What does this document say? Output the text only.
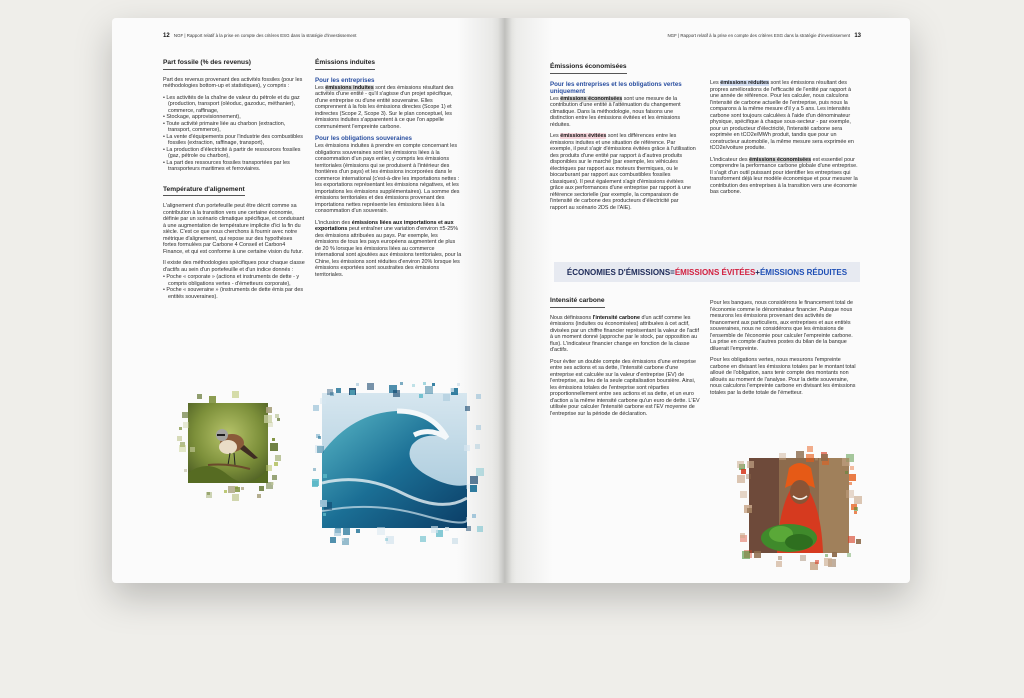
12 NGF | Rapport relatif à la prise en compte des critères ESG dans la stratégie d'investissement
Part fossile (% des revenus)

Part des revenus provenant des activités fossiles (pour les méthodologies bottom-up et statistiques), y compris :

• Les activités de la chaîne de valeur du pétrole et du gaz (production, transport (oléoduc, gazoduc, méthanier), commerce, raffinage,
• Stockage, approvisionnement),
• Toute activité primaire liée au charbon (extraction, transport, commerce),
• La vente d'équipements pour l'industrie des combustibles fossiles (extraction, raffinage, transport),
• La production d'électricité à partir de ressources fossiles (gaz, pétrole ou charbon),
• La part des ressources fossiles transportées par les transporteurs maritimes et ferroviaires.
Température d'alignement

L'alignement d'un portefeuille peut être décrit comme sa contribution à la transition vers une certaine économie, définie par un scénario climatique spécifique, et conduisant à une augmentation de température implicite d'ici la fin du siècle. C'est ce que nous cherchons à fournir avec notre métrique d'alignement, qui repose sur des hypothèses fortes formulées par Carbone 4 Conseil et Carbon4 Finance, et qui est conforme à une certaine vision du futur.

Il existe des méthodologies spécifiques pour chaque classe d'actifs au sein d'un portefeuille et d'un indice donnés :

• Poche « corporate » (actions et instruments de dette - y compris obligations vertes - d'émetteurs corporate),
• Poche « souveraine » (instruments de dette émis par des entités souveraines).
Émissions induites
Pour les entreprises

Les émissions induites sont des émissions résultant des activités d'une entité - qu'il s'agisse d'un projet spécifique, d'une entreprise ou d'une entité souveraine. Elles comprennent à la fois les émissions directes (Scope 1) et indirectes (Scope 2, Scope 3). Sur le plan conceptuel, les émissions induites s'apparentent à ce que l'on appelle communément l'empreinte carbone.

Pour les obligations souveraines

Les émissions induites à prendre en compte concernant les obligations souveraines sont les émissions liées à la consommation d'un pays entier, y compris les émissions territoriales (émissions qui se produisent à l'intérieur des frontières d'un pays) et les émissions incorporées dans le commerce international (c'est-à-dire les importations nettes : les exportations représentant les émissions négatives, et les importations les émissions supplémentaires). La somme des émissions territoriales et des émissions provenant des importations nettes représente les émissions liées à la consommation d'un souverain.

L'inclusion des émissions liées aux importations et aux exportations peut entraîner une variation d'environ ±5-25% des émissions attribuées au pays. Par exemple, les émissions de tous les pays européens augmentent de plus de 20 % lorsque les émissions liées au commerce international sont ajoutées aux émissions territoriales, pour la Chine, les émissions sont réduites d'environ 20% lorsque les émissions exportées sont soustraites des émissions territoriales.

NGF | Rapport relatif à la prise en compte des critères ESG dans la stratégie d'investissement 13
Émissions économisées
Pour les entreprises et les obligations vertes uniquement

Les émissions économisées sont une mesure de la contribution d'une entité à l'atténuation du changement climatique. Dans la méthodologie, nous faisons une distinction entre les émissions évitées et les émissions réduites.

Les émissions évitées sont les différences entre les émissions induites et une situation de référence. Par exemple, il peut s'agir d'émissions évitées grâce à l'utilisation des produits d'une entité par rapport à d'autres produits disponibles sur le marché (par exemple, les véhicules électriques par rapport aux moteurs thermiques, ou le biocarburant par rapport aux combustibles fossiles classiques). Il peut également s'agir d'émissions évitées grâce aux performances d'une entreprise par rapport à une référence sectorielle (par exemple, la comparaison de l'intensité de carbone des producteurs d'électricité par rapport au scénario 2DS de l'AIE).

Les émissions réduites sont les émissions résultant des propres améliorations de l'efficacité de l'entité par rapport à une année de référence. Pour les calculer, nous calculons l'intensité de carbone actuelle de l'entreprise, puis nous la comparons à la même mesure d'il y a 5 ans. Les intensités carbone sont toujours calculées à l'aide d'un dénominateur physique, spécifique à chaque sous-secteur - par exemple, pour un producteur d'électricité, l'intensité carbone sera exprimée en tCO2e/MWh produit, tandis que pour un constructeur automobile, la même mesure sera exprimée en tCO2e/voiture produite.

L'indicateur des émissions économisées est essentiel pour comprendre la performance carbone globale d'une entreprise. Il s'agit d'un outil puissant pour identifier les entreprises qui transforment déjà leur modèle économique et pour mesurer la contribution des entreprises à la transition vers une économie bas carbone.

ÉCONOMIES D'ÉMISSIONS = ÉMISSIONS ÉVITÉES + ÉMISSIONS RÉDUITES
Intensité carbone

Nous définissons l'intensité carbone d'un actif comme les émissions (induites ou économisées) attribuées à cet actif, divisées par un chiffre financier représentant la valeur de l'actif à un moment donné (approche par le stock, par opposition au flux). L'indicateur financier change en fonction de la classe d'actifs.

Pour éviter un double compte des émissions d'une entreprise entre ses actions et sa dette, l'intensité carbone d'une entreprise est calculée sur la valeur d'entreprise (EV) de l'entreprise, au lieu de la seule capitalisation boursière. Ainsi, les émissions totales de l'entreprise sont réparties proportionnellement entre ses actions et sa dette, et un euro d'action a la même intensité carbone qu'un euro de dette. L'EV utilisée pour calculer l'intensité carbone est l'EV moyenne de l'entreprise sur la période de déclaration.

Pour les banques, nous considérons le financement total de l'économie comme le dénominateur financier. Puisque nous mesurons les émissions provenant des activités de financement aux particuliers, aux entreprises et aux entités souveraines, nous ne considérons que les émissions de l'ensemble de l'économie pour calculer l'empreinte carbone. La prise en compte d'autres postes du bilan de la banque diluerait l'empreinte.

Pour les obligations vertes, nous mesurons l'empreinte carbone en divisant les émissions totales par le montant total alloué de l'obligation, sans tenir compte des montants non alloués au moment de l'analyse. Pour la dette souveraine, nous calculons l'empreinte carbone en divisant les émissions totales par la dette totale de l'émetteur.
